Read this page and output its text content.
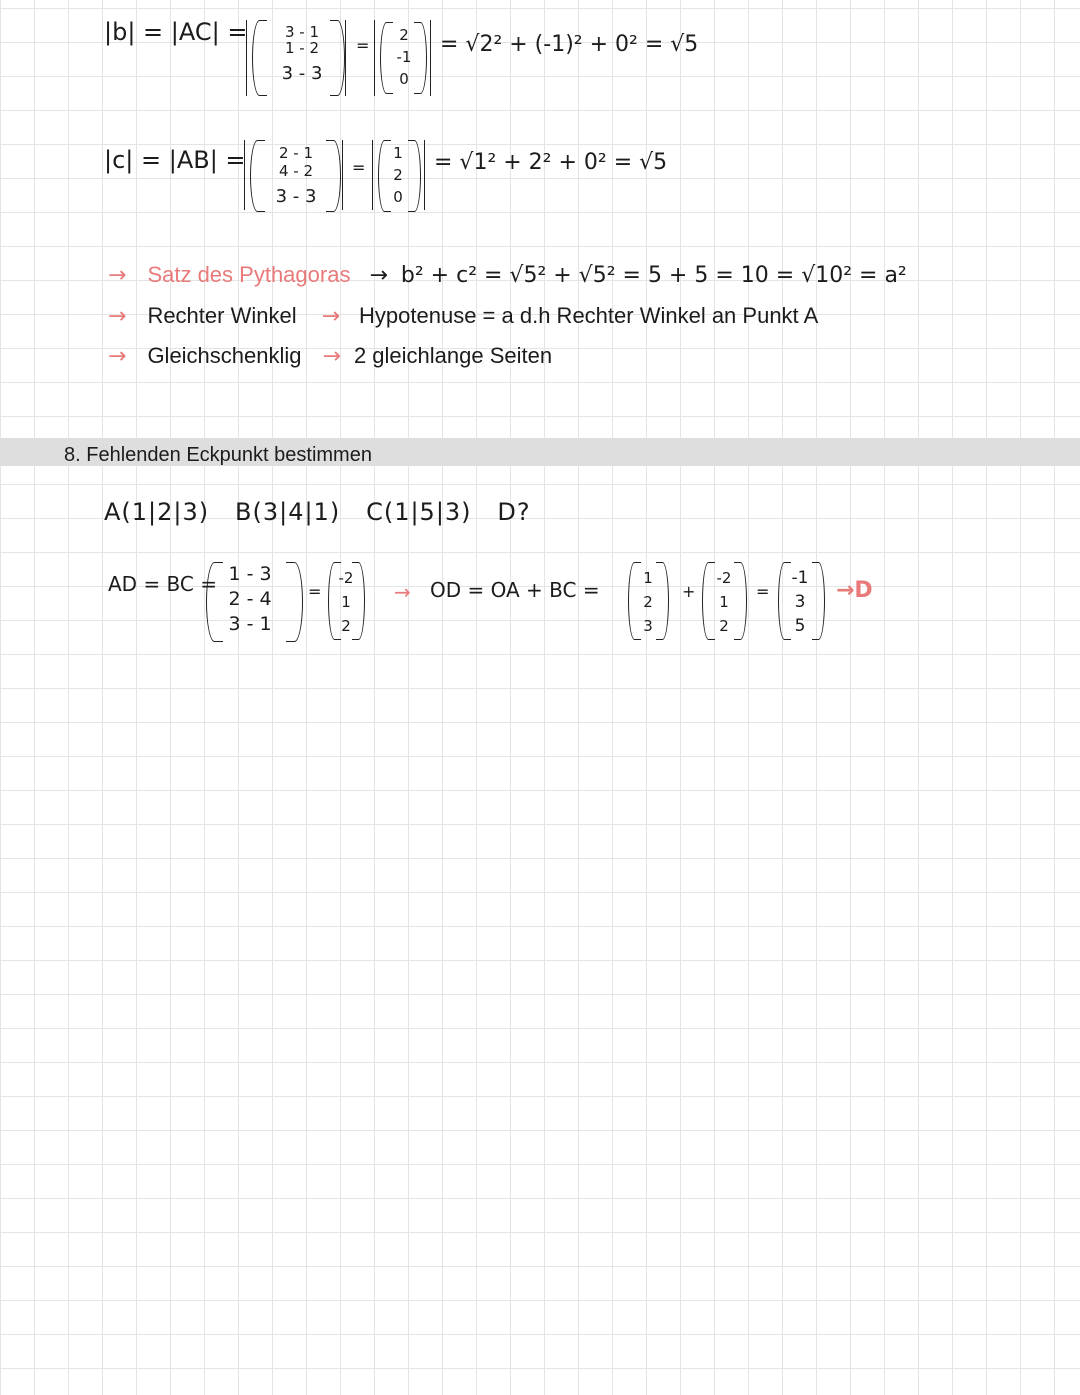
|b| = |AC| =	3 - 1
1 - 2
3 - 3
=
2
-1
0
= √2² + (-1)² + 0² = √5
|c| = |AB| =	2 - 1
4 - 2
3 - 3
=
1
2
0
= √1² + 2² + 0² = √5
→ Satz des Pythagoras → b² + c² = √5² + √5² = 5 + 5 = 10 = √10² = a²
→ Rechter Winkel → Hypotenuse = a d.h Rechter Winkel an Punkt A
→ Gleichschenklig → 2 gleichlange Seiten
8. Fehlenden Eckpunkt bestimmen
A(1|2|3)   B(3|4|1)   C(1|5|3)   D?
AD = BC = 1 - 3
2 - 4
3 - 1
=
-2
1
2
→ OD = OA + BC =	1
2
3
+
-2
1
2
=
-1
3
5
→D
